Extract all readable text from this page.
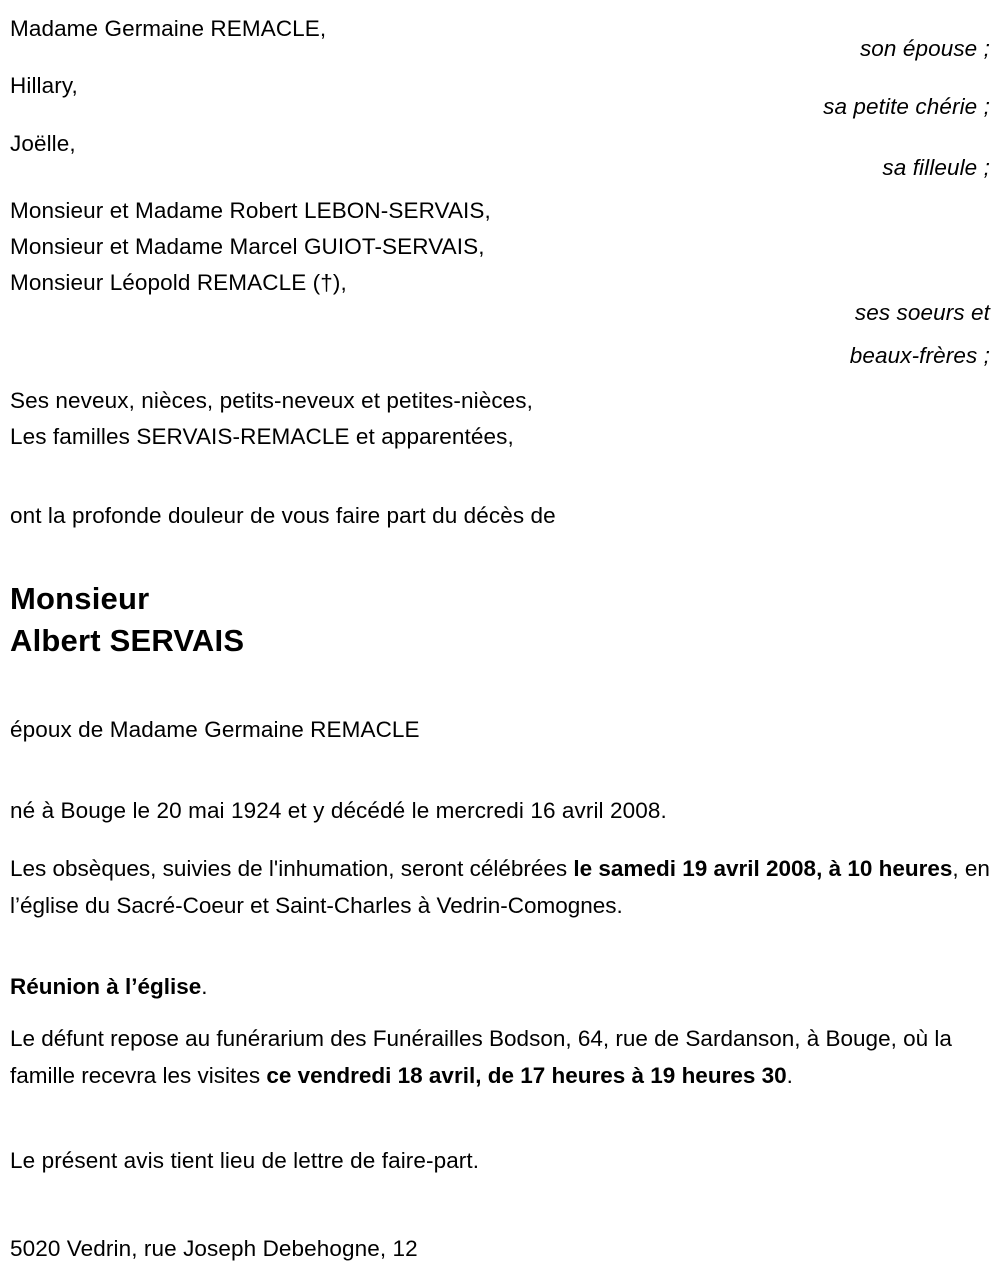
Madame Germaine REMACLE,
son épouse ;
Hillary,
sa petite chérie ;
Joëlle,
sa filleule ;
Monsieur et Madame Robert LEBON-SERVAIS,
Monsieur et Madame Marcel GUIOT-SERVAIS,
Monsieur Léopold REMACLE (†),
ses soeurs et
beaux-frères ;
Ses neveux, nièces, petits-neveux et petites-nièces,
Les familles SERVAIS-REMACLE et apparentées,
ont la profonde douleur de vous faire part du décès de
Monsieur
Albert SERVAIS
époux de Madame Germaine REMACLE
né à Bouge le 20 mai 1924 et y décédé le mercredi 16 avril 2008.
Les obsèques, suivies de l'inhumation, seront célébrées le samedi 19 avril 2008, à 10 heures, en l’église du Sacré-Coeur et Saint-Charles à Vedrin-Comognes.
Réunion à l’église.
Le défunt repose au funérarium des Funérailles Bodson, 64, rue de Sardanson, à Bouge, où la famille recevra les visites ce vendredi 18 avril, de 17 heures à 19 heures 30.
Le présent avis tient lieu de lettre de faire-part.
5020 Vedrin, rue Joseph Debehogne, 12
